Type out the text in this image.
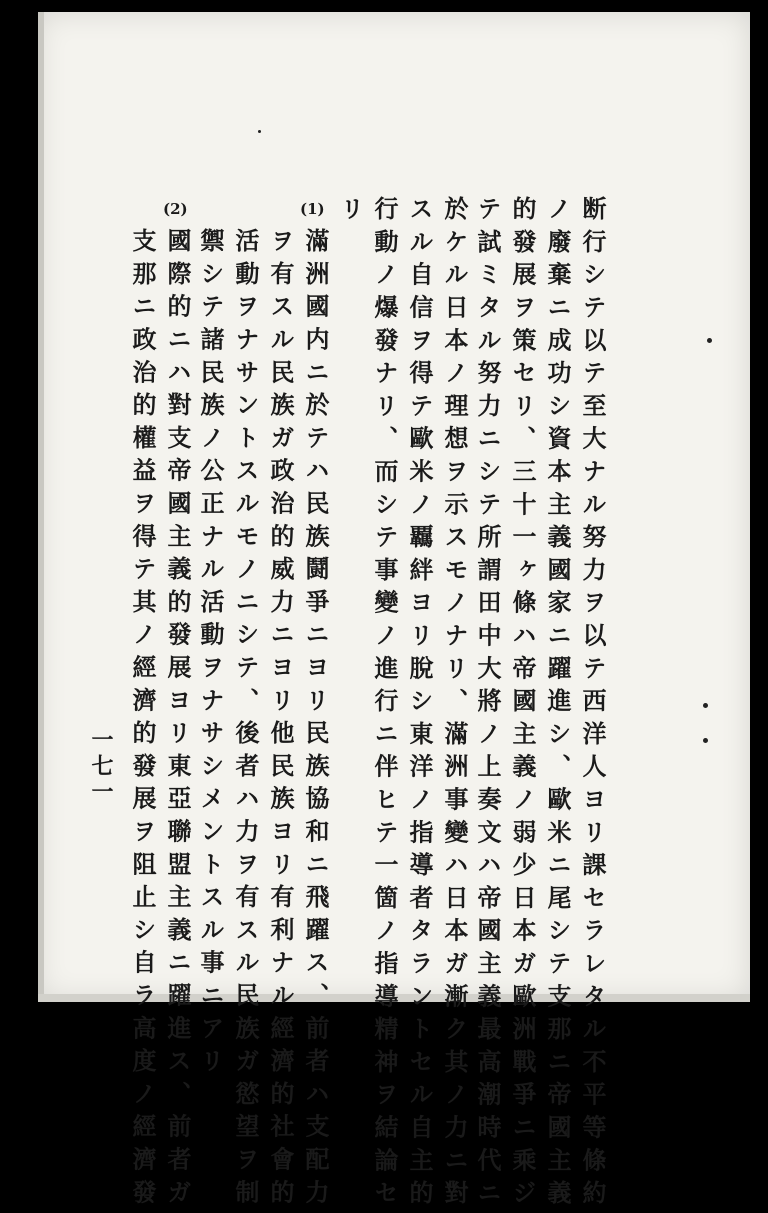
断行シテ以テ至大ナル努力ヲ以テ西洋人ヨリ課セラレタル不平等條約
ノ廢棄ニ成功シ資本主義國家ニ躍進シ、歐米ニ尾シテ支那ニ帝國主義
的發展ヲ策セリ、三十一ヶ條ハ帝國主義ノ弱少日本ガ歐洲戰爭ニ乘ジ
テ試ミタル努力ニシテ所謂田中大將ノ上奏文ハ帝國主義最高潮時代ニ
於ケル日本ノ理想ヲ示スモノナリ、滿洲事變ハ日本ガ漸ク其ノ力ニ對
スル自信ヲ得テ歐米ノ覊絆ヨリ脫シ東洋ノ指導者タラントセル自主的
行動ノ爆發ナリ、而シテ事變ノ進行ニ伴ヒテ一箇ノ指導精神ヲ結論セ
リ
(1)
滿洲國内ニ於テハ民族鬪爭ニヨリ民族協和ニ飛躍ス、前者ハ支配力
ヲ有スル民族ガ政治的威力ニヨリ他民族ヨリ有利ナル經濟的社會的
活動ヲナサントスルモノニシテ、後者ハ力ヲ有スル民族ガ慾望ヲ制
禦シテ諸民族ノ公正ナル活動ヲナサシメントスル事ニアリ
(2)
國際的ニハ對支帝國主義的發展ヨリ東亞聯盟主義ニ躍進ス、前者ガ
支那ニ政治的權益ヲ得テ其ノ經濟的發展ヲ阻止シ自ラ高度ノ經濟發
一七一
